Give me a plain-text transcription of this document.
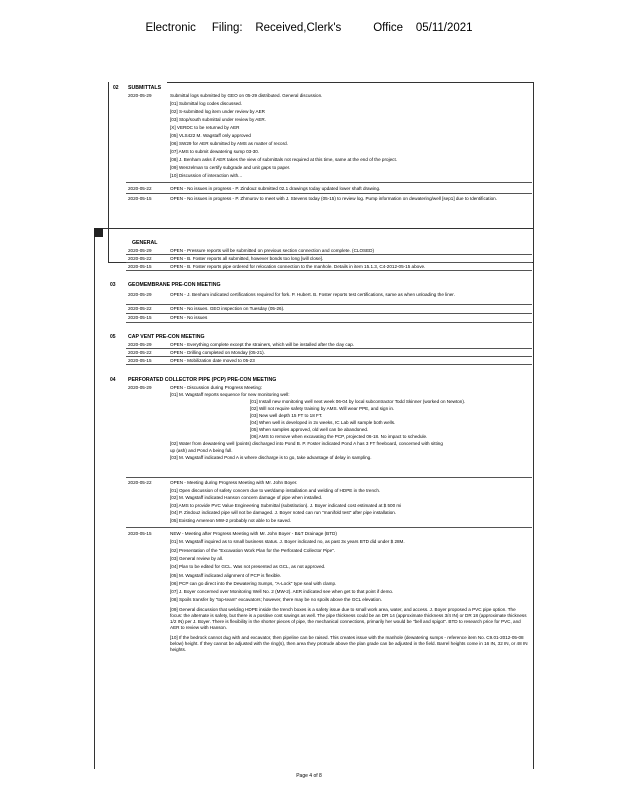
Electronic     Filing:    Received,Clerk's          Office    05/11/2021
02 SUBMITTALS
2020-05-29	Submittal logs submitted by GEO on 05-29 distributed. General discussion.
[01] Submittal log codes discussed.
[02] S-submitted log item under review by AER
[03] Stop/south submittal under review by AER.
[X] VERDC to be returned by AER
[05] VLS422 M. Wagstaff only approved
[06] SW29 for AER submitted by AMS as matter of record.
[07] AMS to submit dewatering sump 03-30.
[08] J. Benham asks if AER takes the view of submittals not required at this time, same at the end of the project.
[09] Wenzelman to certify subgrade and unit gaps to paper.
[10] Discussion of interaction with...
2020-05-22	OPEN - No issues in progress - P. Zindouz submitted 02.1 drawings today updated lower shaft drawing.
2020-05-15	OPEN - No issues in progress - P. Zhmurov to meet with J. Stevens today (05-15) to review log. Pump information on dewatering/well [sep1] due to Identification.
GENERAL
2020-05-29	OPEN - Pressure reports will be submitted on previous section connection and complete. (CLOSED)
2020-05-22	OPEN - B. Foster reports all submitted, however bonds too long [will close].
2020-05-15	OPEN - B. Foster reports pipe ordered for relocation connection to the manhole. Details in item 15.1.3, C4-2012-05-15 above.
03 GEOMEMBRANE PRE-CON MEETING
2020-05-29	OPEN - J. Benham indicated certifications required for fork. P. Hubert. B. Foster reports test certifications, same as when unloading the liner.
2020-05-22	OPEN - No issues. GEO inspection on Tuesday (05-26).
2020-05-15	OPEN - No issues
05 CAP VENT PRE-CON MEETING
2020-05-29	OPEN - Everything complete except the strainers, which will be installed after the clay cap.
2020-05-22	OPEN - Drilling completed on Monday (05-21).
2020-05-15	OPEN - Mobilization date moved to 05-23
04 PERFORATED COLLECTOR PIPE (PCP) PRE-CON MEETING
2020-05-29	OPEN - Discussion during Progress Meeting:
[01] M. Wagstaff reports sequence for new monitoring well:
[01] Install new monitoring well next week 06-04 by local subcontractor Todd Skinner (worked on Newton).
[02] Will not require safety training by AMS. Will wear PPE, and sign in.
[03] New well depth 15 FT to 18 FT.
[04] When well is developed in 2x weeks, IC Lab will sample both wells.
[05] When samples approved, old well can be abandoned.
[06] AMS to remove when excavating the PCP, projected 06-18. No impact to schedule.
[02] Water from dewatering well (points) discharged into Pond B. P. Foster indicated Pond A has 3 FT freeboard, concerned with sitting
up (ash) and Pond A being full.
[03] M. Wagstaff indicated Pond A is where discharge is to go, take advantage of delay in sampling.
2020-05-22	OPEN - Meeting during Progress Meeting with Mr. John Boyer.
[01] Open discussion of safety concern due to wet/damp installation and welding of HDPE in the trench.
[02] M. Wagstaff indicated Hanson concern damage of pipe when installed.
[03] AMS to provide PVC Value Engineering Submittal (substitution). J. Boyer indicated cost estimated at $ 500 mi
[04] P. Zindouz indicated pipe will not be damaged. J. Boyer noted can run "manifold test" after pipe installation.
[05] Existing Amereon MW-2 probably not able to be saved.
2020-05-15	NEW - Meeting after Progress Meeting with Mr. John Boyer - B&T Drainage (BTD)
[01] M. Wagstaff inquired as to small business status. J. Boyer indicated no, as past 3x years BTD did under $ 28M.
[02] Presentation of the "Excavation Work Plan for the Perforated Collector Pipe".
[03] General review by all.
[04] Plan to be edited for GCL. Was not presented as GCL, as not approved.
[05] M. Wagstaff indicated alignment of PCP is flexible.
[06] PCP can go direct into the Dewatering Sumps, "A-Lock" type seal with clamp.
[07] J. Boyer concerned over Monitoring Well No. 2 (MW-2). AER indicated see when get to that point if demo.
[08] Spoils transfer by "top-team" excavators; however, there may be no spoils above the GCL elevation.
[09] General discussion that welding HDPE inside the trench boxes is a safety issue due to small work area, water, and access. J. Boyer proposed a PVC pipe option. The focus: the alternate is safety, but there is a positive cost savings as well. The pipe thickness could be an DR 14 (approximate thickness 3/4 IN) or DR 18 (approximate thickness 1/2 IN) per J. Boyer. There is flexibility in the shorter pieces of pipe, the mechanical connections, primarily her would be "bell and spigot". BTD to research price for PVC, and AER to review with Hanson.
[10] If the bedrock cannot dug with and excavator, then pipeline can be raised. This creates issue with the manhole (dewatering sumps - reference item No. C9.01-2012-05-08 below) height. If they cannot be adjusted with the ring(s), then area they protrude above the plan grade can be adjusted in the field. Barrel heights come in 16 IN, 32 IN, or 48 IN heights.
Page 4 of 8
